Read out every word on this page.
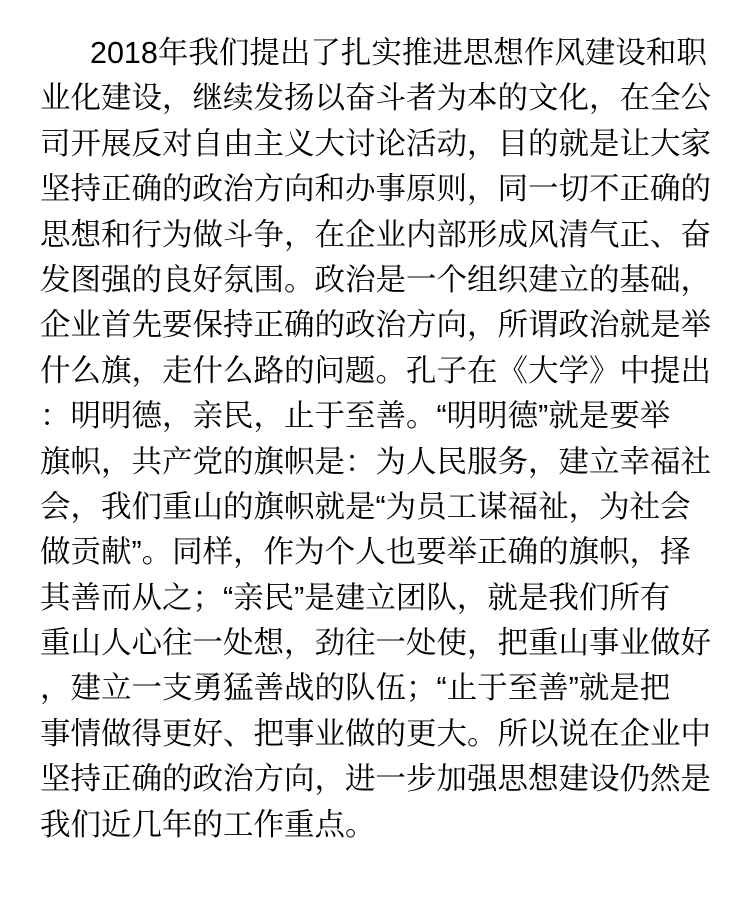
2018年我们提出了扎实推进思想作风建设和职
业化建设，继续发扬以奋斗者为本的文化，在全公
司开展反对自由主义大讨论活动，目的就是让大家
坚持正确的政治方向和办事原则，同一切不正确的
思想和行为做斗争，在企业内部形成风清气正、奋
发图强的良好氛围。政治是一个组织建立的基础，
企业首先要保持正确的政治方向，所谓政治就是举
什么旗，走什么路的问题。孔子在《大学》中提出
：明明德，亲民，止于至善。“明明德”就是要举
旗帜，共产党的旗帜是：为人民服务，建立幸福社
会，我们重山的旗帜就是“为员工谋福祉，为社会
做贡献”。同样，作为个人也要举正确的旗帜，择
其善而从之；“亲民”是建立团队，就是我们所有
重山人心往一处想，劲往一处使，把重山事业做好
，建立一支勇猛善战的队伍；“止于至善”就是把
事情做得更好、把事业做的更大。所以说在企业中
坚持正确的政治方向，进一步加强思想建设仍然是
我们近几年的工作重点。
